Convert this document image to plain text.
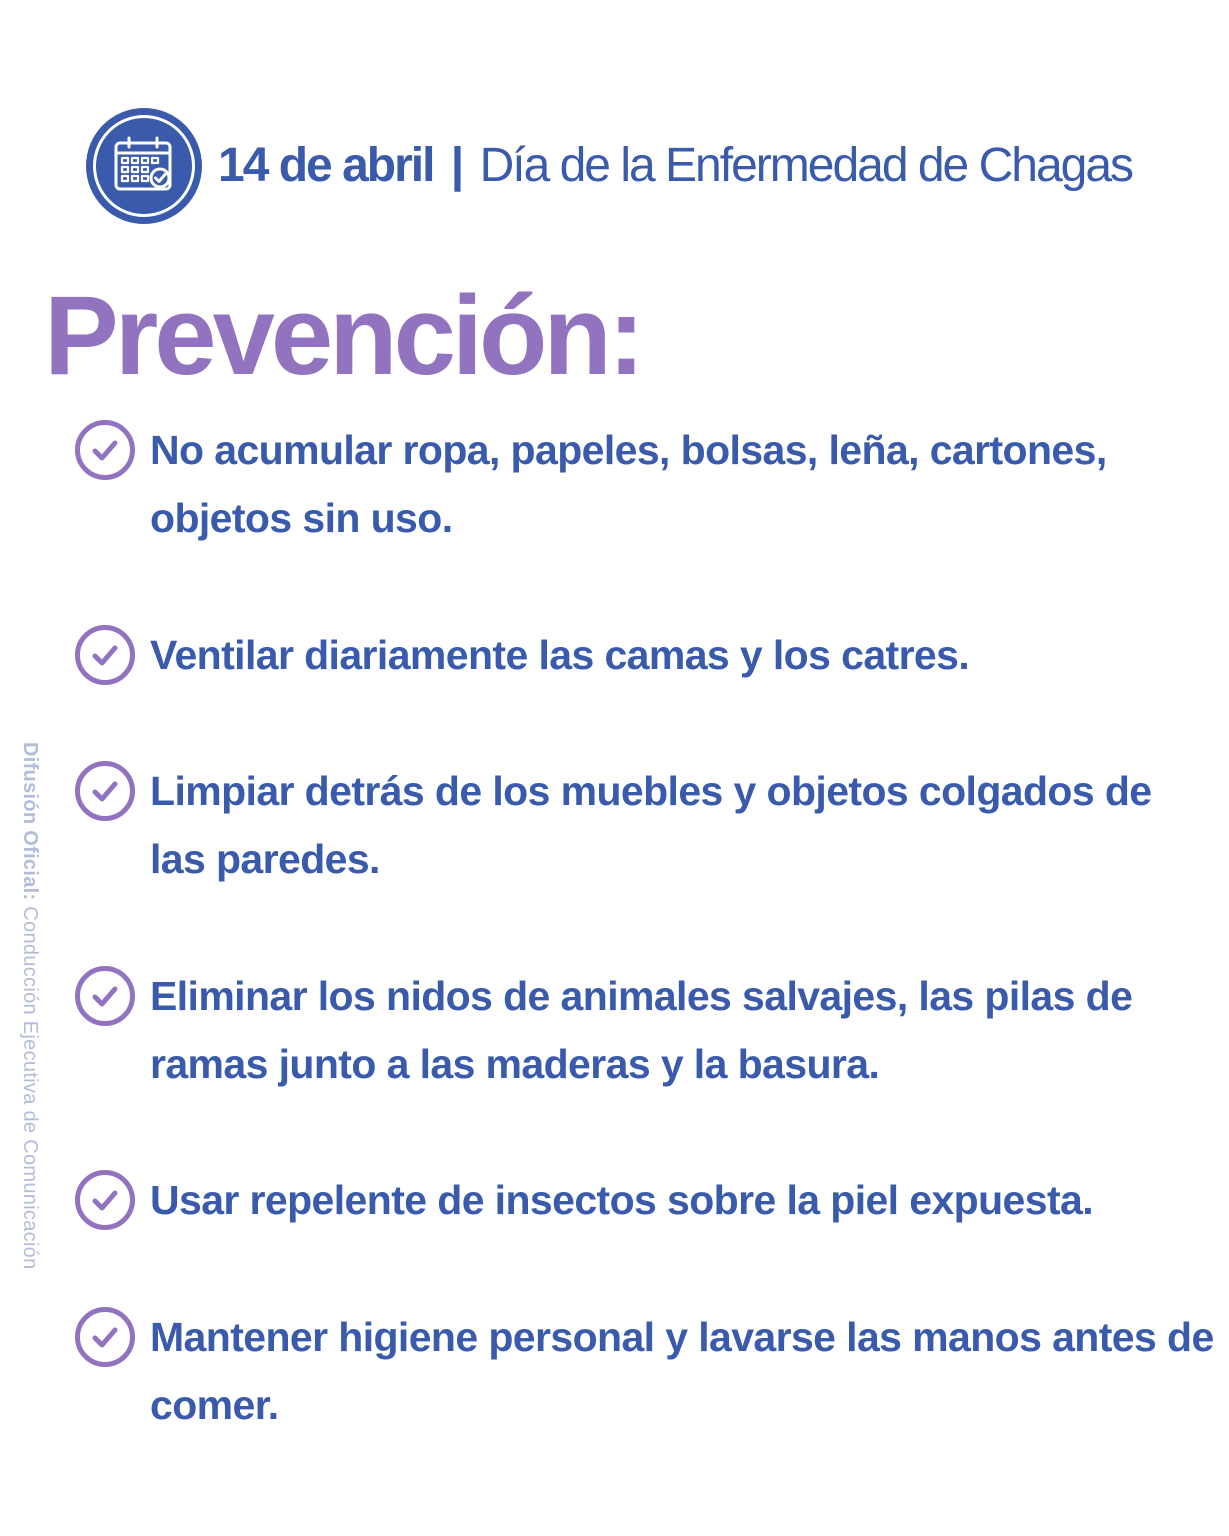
14 de abril | Día de la Enfermedad de Chagas
Prevención:
Difusión Oficial: Conducción Ejecutiva de Comunicación
No acumular ropa, papeles, bolsas, leña, cartones, objetos sin uso.
Ventilar diariamente las camas y los catres.
Limpiar detrás de los muebles y objetos colgados de las paredes.
Eliminar los nidos de animales salvajes, las pilas de ramas junto a las maderas y la basura.
Usar repelente de insectos sobre la piel expuesta.
Mantener higiene personal y lavarse las manos antes de comer.
